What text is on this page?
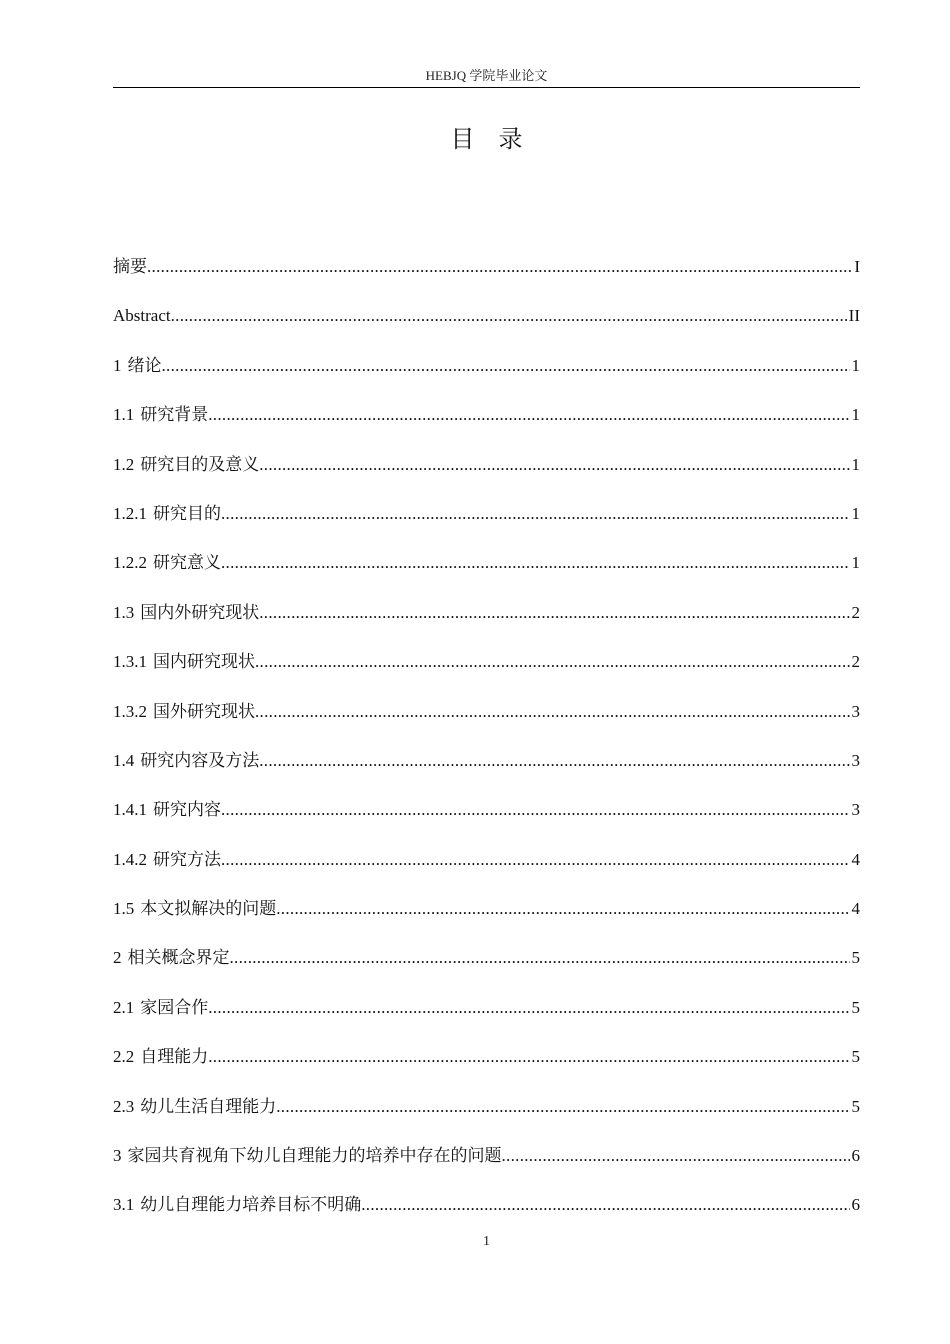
HEBJQ 学院毕业论文
目录
摘要 .....	I
Abstract .....	II
1 绪论 .....	1
1.1 研究背景 .....	1
1.2 研究目的及意义 .....	1
1.2.1 研究目的 .....	1
1.2.2 研究意义 .....	1
1.3 国内外研究现状 .....	2
1.3.1 国内研究现状 .....	2
1.3.2 国外研究现状 .....	3
1.4 研究内容及方法 .....	3
1.4.1 研究内容 .....	3
1.4.2 研究方法 .....	4
1.5 本文拟解决的问题 .....	4
2 相关概念界定 .....	5
2.1 家园合作 .....	5
2.2 自理能力 .....	5
2.3 幼儿生活自理能力 .....	5
3 家园共育视角下幼儿自理能力的培养中存在的问题 .....	6
3.1 幼儿自理能力培养目标不明确 .....	6
1
